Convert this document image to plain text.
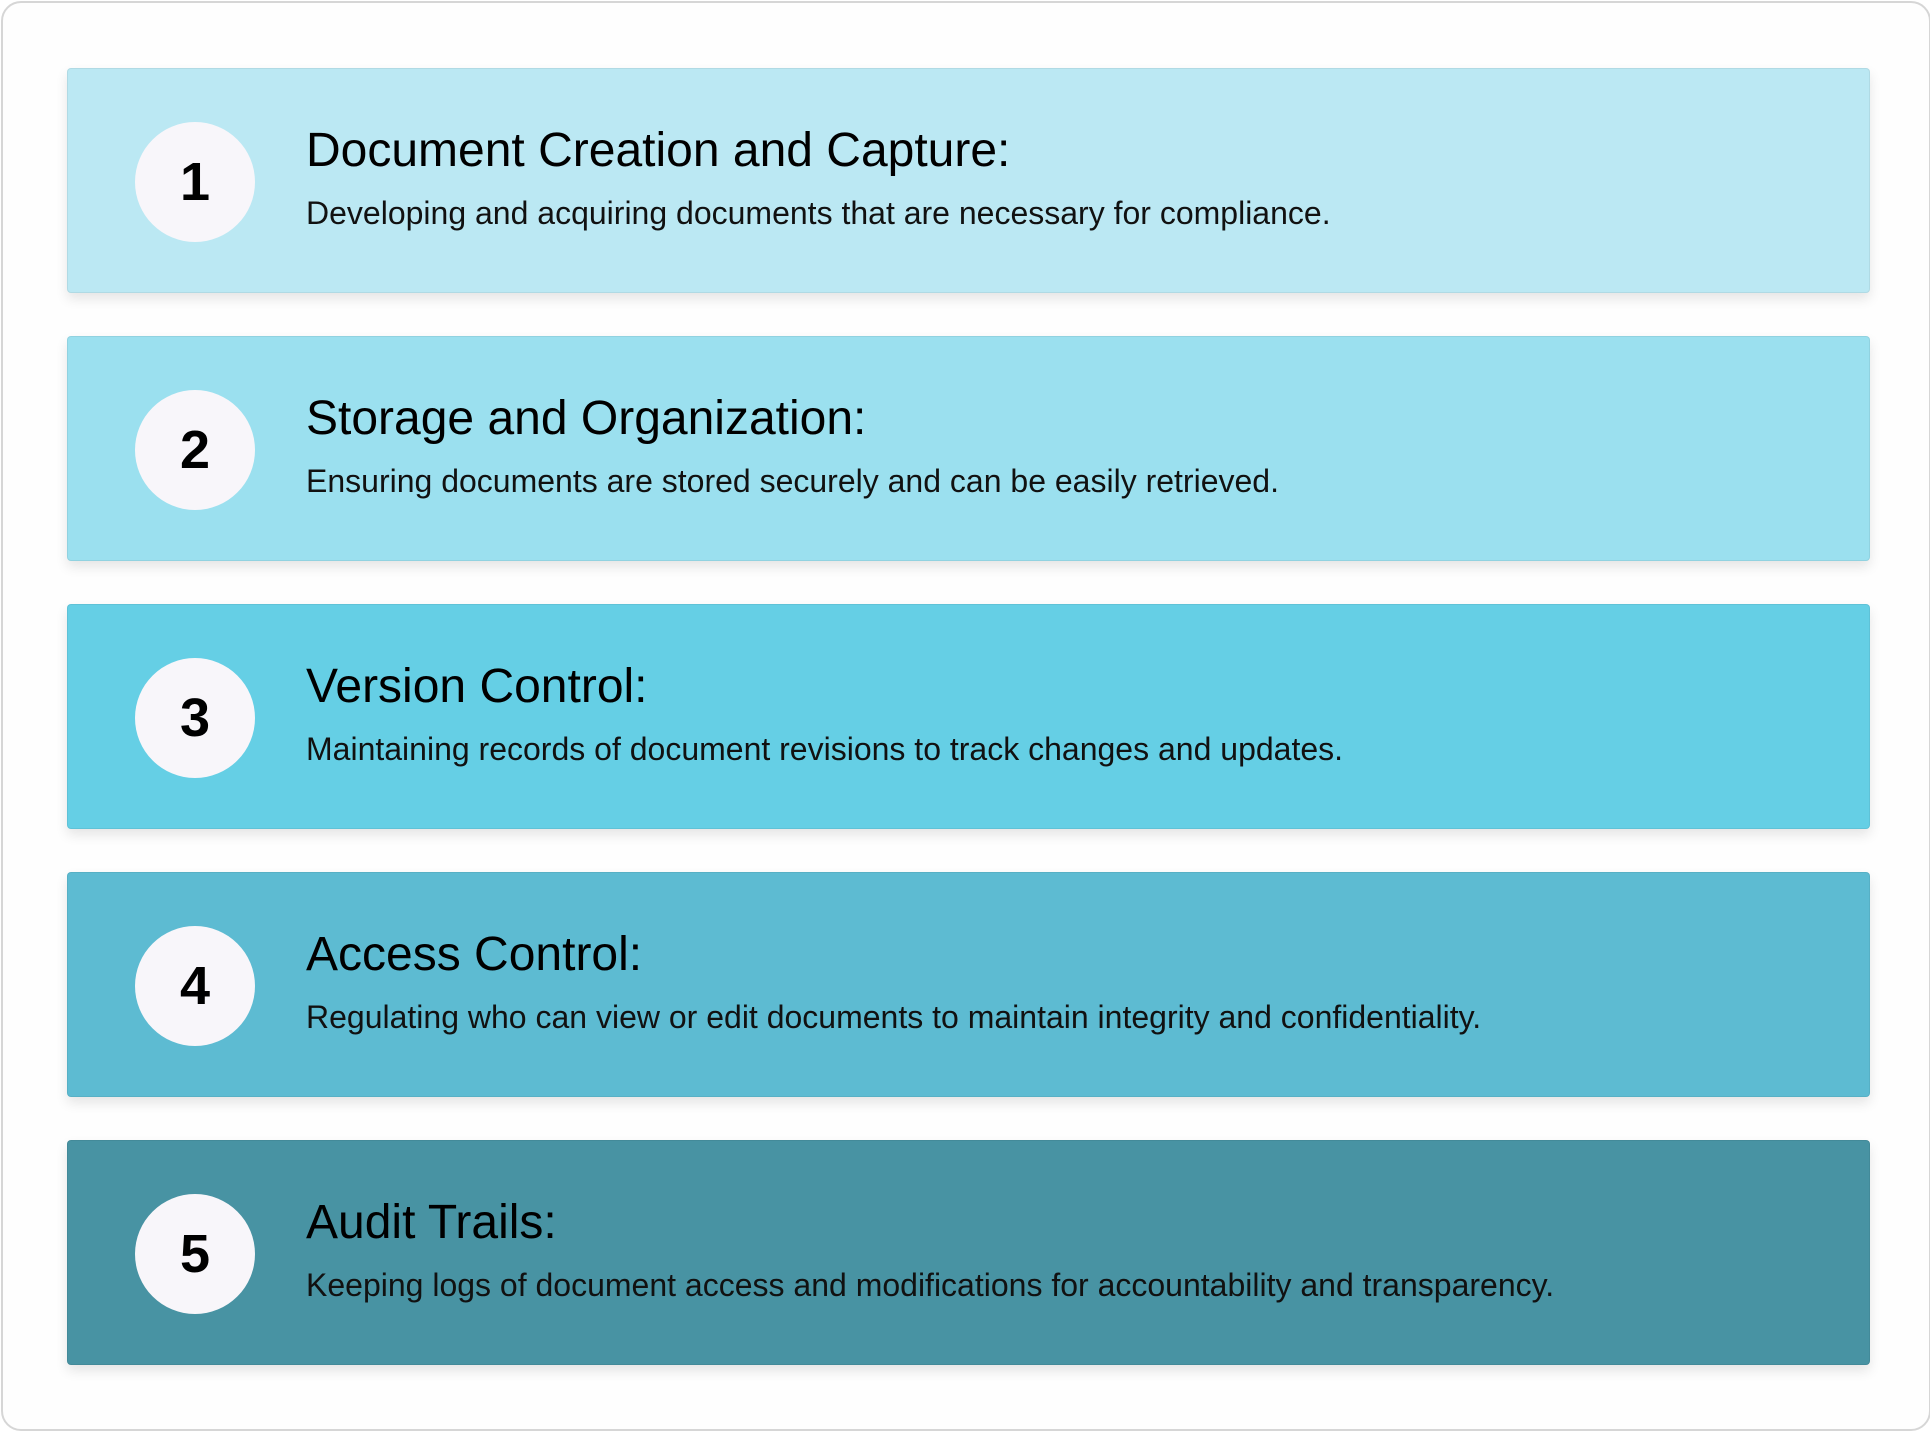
1
Document Creation and Capture:
Developing and acquiring documents that are necessary for compliance.
2
Storage and Organization:
Ensuring documents are stored securely and can be easily retrieved.
3
Version Control:
Maintaining records of document revisions to track changes and updates.
4
Access Control:
Regulating who can view or edit documents to maintain integrity and confidentiality.
5
Audit Trails:
Keeping logs of document access and modifications for accountability and transparency.
